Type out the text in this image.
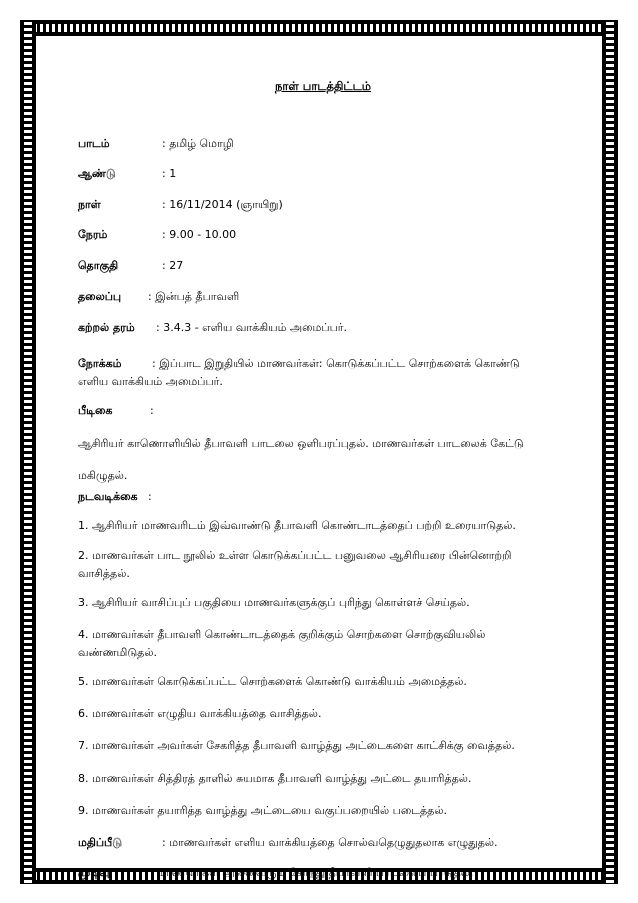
நாள் பாடத்திட்டம்
பாடம்	: தமிழ் மொழி
ஆண்டு	: 1
நாள்	: 16/11/2014 (ஞாயிறு)
நேரம்	: 9.00 - 10.00
தொகுதி	: 27
தலைப்பு : இன்பத் தீபாவளி
கற்றல் தரம் : 3.4.3 - எளிய வாக்கியம் அமைப்பர்.
நோக்கம்	: இப்பாட இறுதியில் மாணவர்கள்: கொடுக்கப்பட்ட சொற்களைக் கொண்டு
எளிய வாக்கியம் அமைப்பர்.
பீடிகை	:
ஆசிரியர் காணொளியில் தீபாவளி பாடலை ஒளிபரப்புதல். மாணவர்கள் பாடலைக் கேட்டு
மகிழுதல்.
நடவடிக்கை :
1. ஆசிரியர் மாணவரிடம் இவ்வாண்டு தீபாவளி கொண்டாடத்தைப் பற்றி உரையாடுதல்.
2. மாணவர்கள் பாட நூலில் உள்ள கொடுக்கப்பட்ட பனுவலை ஆசிரியரை பின்னொற்றி
வாசித்தல்.
3. ஆசிரியர் வாசிப்புப் பகுதியை மாணவர்களுக்குப் புரிந்து கொள்ளச் செய்தல்.
4. மாணவர்கள் தீபாவளி கொண்டாடத்தைக் குறிக்கும் சொற்களை சொற்குவியலில்
வண்ணமிடுதல்.
5. மாணவர்கள் கொடுக்கப்பட்ட சொற்களைக் கொண்டு வாக்கியம் அமைத்தல்.
6. மாணவர்கள் எழுதிய வாக்கியத்தை வாசித்தல்.
7. மாணவர்கள் அவர்கள் சேகரித்த தீபாவளி வாழ்த்து அட்டைகளை காட்சிக்கு வைத்தல்.
8. மாணவர்கள் சித்திரத் தாளில் சுயமாக தீபாவளி வாழ்த்து அட்டை தயாரித்தல்.
9. மாணவர்கள் தயாரித்த வாழ்த்து அட்டையை வகுப்பறையில் படைத்தல்.
மதிப்பீடு	: மாணவர்கள் எளிய வாக்கியத்தை சொல்வதெழுதுதலாக எழுதுதல்.
முடிவு	: மாணவர்கள் அனைவரும் சேர்ந்து தீபாவளி பாடலைப் பாடுதல்.
